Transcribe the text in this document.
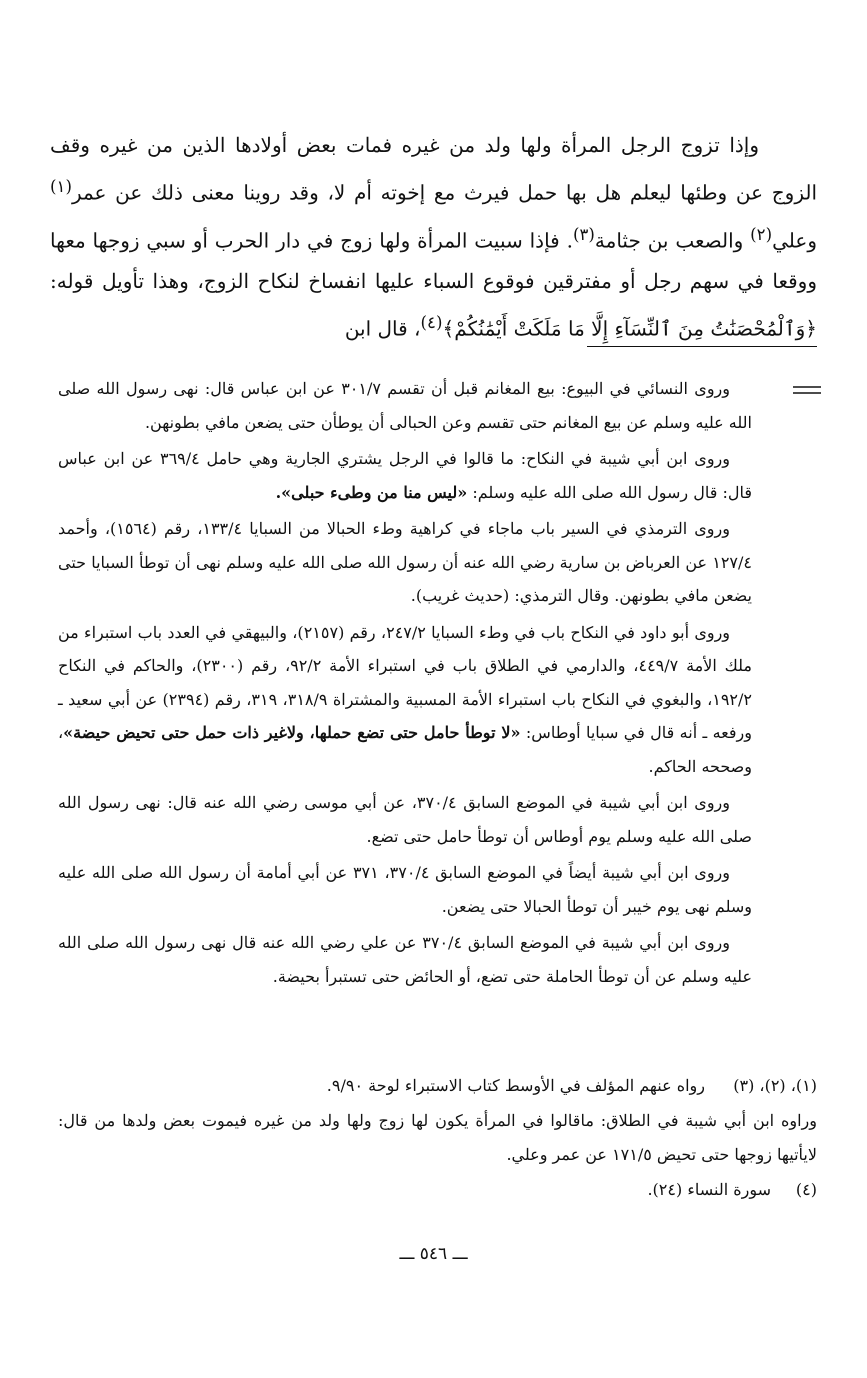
وإذا تزوج الرجل المرأة ولها ولد من غيره فمات بعض أولادها الذين من غيره وقف الزوج عن وطئها ليعلم هل بها حمل فيرث مع إخوته أم لا، وقد روينا معنى ذلك عن عمر$^{(١)}$ وعلي$^{(٢)}$ والصعب بن جثامة$^{(٣)}$. فإذا سبيت المرأة ولها زوج في دار الحرب أو سبي زوجها معها ووقعا في سهم رجل أو مفترقين فوقوع السباء عليها انفساخ لنكاح الزوج، وهذا تأويل قوله:﴿وَٱلْمُحْصَنَٰتُ مِنَ ٱلنِّسَآءِ إِلَّا مَا مَلَكَتْ أَيْمَٰنُكُمْ﴾$^{(٤)}$، قال ابن

وروى النسائي في البيوع: بيع المغانم قبل أن تقسم ٣٠١/٧ عن ابن عباس قال: نهى رسول الله صلى الله عليه وسلم عن بيع المغانم حتى تقسم وعن الحبالى أن يوطأن حتى يضعن مافي بطونهن.

وروى ابن أبي شيبة في النكاح: ما قالوا في الرجل يشتري الجارية وهي حامل ٣٦٩/٤ عن ابن عباس قال: قال رسول الله صلى الله عليه وسلم: «ليس منا من وطىء حبلى».

وروى الترمذي في السير باب ماجاء في كراهية وطء الحبالا من السبايا ١٣٣/٤، رقم (١٥٦٤)، وأحمد ١٢٧/٤ عن العرباض بن سارية رضي الله عنه أن رسول الله صلى الله عليه وسلم نهى أن توطأ السبايا حتى يضعن مافي بطونهن. وقال الترمذي: (حديث غريب).

وروى أبو داود في النكاح باب في وطء السبايا ٢٤٧/٢، رقم (٢١٥٧)، والبيهقي في العدد باب استبراء من ملك الأمة ٤٤٩/٧، والدارمي في الطلاق باب في استبراء الأمة ٩٢/٢، رقم (٢٣٠٠)، والحاكم في النكاح ١٩٢/٢، والبغوي في النكاح باب استبراء الأمة المسبية والمشتراة ٣١٨/٩، ٣١٩، رقم (٢٣٩٤) عن أبي سعيد ـ ورفعه ـ أنه قال في سبايا أوطاس: «لا توطأ حامل حتى تضع حملها، ولاغير ذات حمل حتى تحيض حيضة»، وصححه الحاكم.

وروى ابن أبي شيبة في الموضع السابق ٣٧٠/٤، عن أبي موسى رضي الله عنه قال: نهى رسول الله صلى الله عليه وسلم يوم أوطاس أن توطأ حامل حتى تضع.

وروى ابن أبي شيبة أيضاً في الموضع السابق ٣٧٠/٤، ٣٧١ عن أبي أمامة أن رسول الله صلى الله عليه وسلم نهى يوم خيبر أن توطأ الحبالا حتى يضعن.

وروى ابن أبي شيبة في الموضع السابق ٣٧٠/٤ عن علي رضي الله عنه قال نهى رسول الله صلى الله عليه وسلم عن أن توطأ الحاملة حتى تضع، أو الحائض حتى تستبرأ بحيضة.

(١)، (٢)، (٣)رواه عنهم المؤلف في الأوسط كتاب الاستبراء لوحة ٩/٩٠.
وراوه ابن أبي شيبة في الطلاق: ماقالوا في المرأة يكون لها زوج ولها ولد من غيره فيموت بعض ولدها من قال: لايأتيها زوجها حتى تحيض ١٧١/٥ عن عمر وعلي.
(٤)سورة النساء (٢٤).
ـــ ٥٤٦ ـــ
